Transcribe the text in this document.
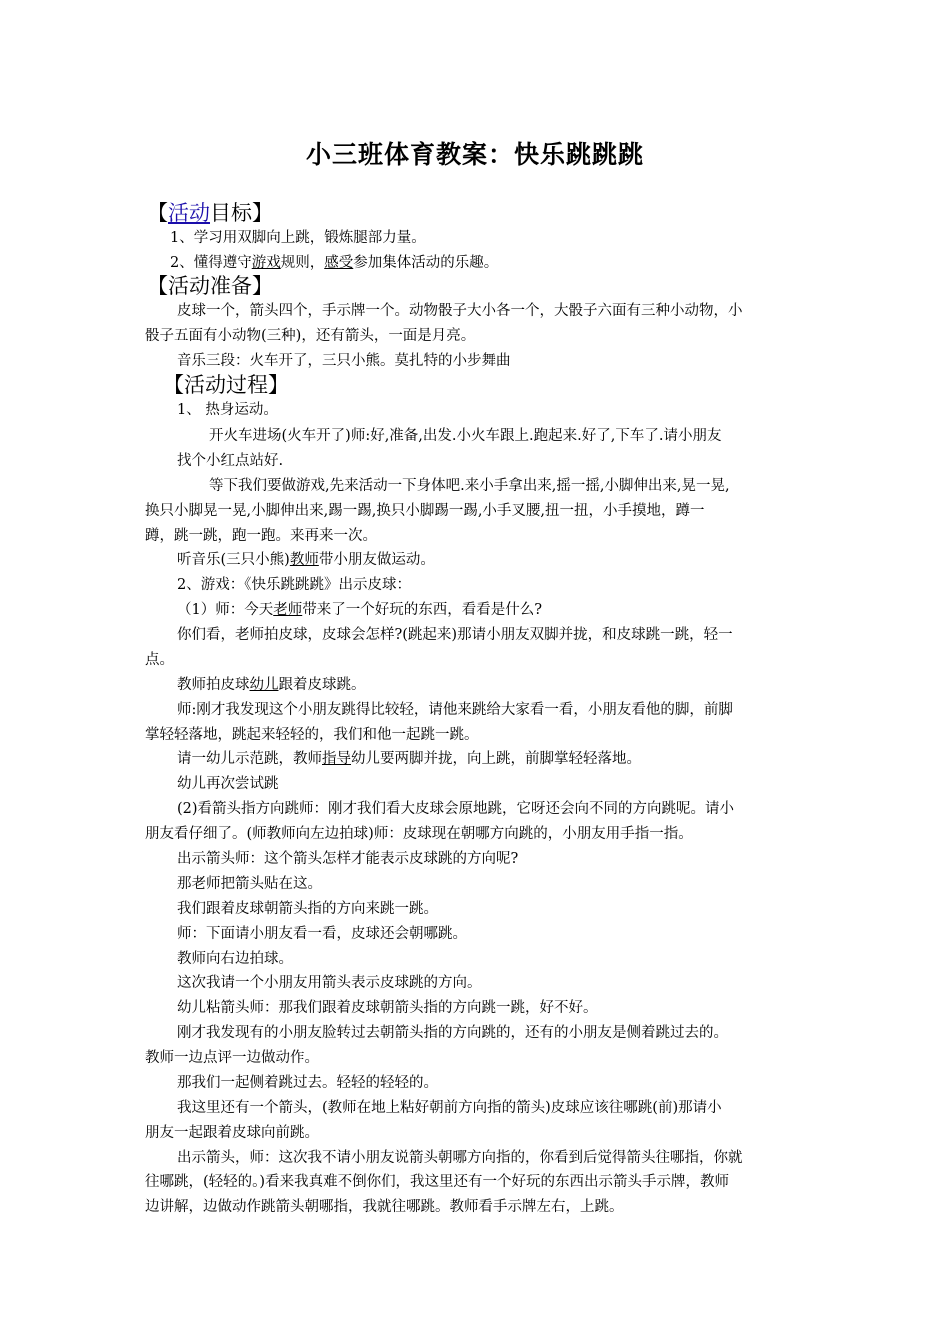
小三班体育教案：快乐跳跳跳
【活动目标】
1、学习用双脚向上跳，锻炼腿部力量。
2、懂得遵守游戏规则，感受参加集体活动的乐趣。
【活动准备】
皮球一个，箭头四个，手示牌一个。动物骰子大小各一个，大骰子六面有三种小动物，小
骰子五面有小动物(三种)，还有箭头，一面是月亮。
音乐三段：火车开了，三只小熊。莫扎特的小步舞曲
【活动过程】
1、 热身运动。
开火车进场(火车开了)师:好,准备,出发.小火车跟上.跑起来.好了,下车了.请小朋友
找个小红点站好.
等下我们要做游戏,先来活动一下身体吧.来小手拿出来,摇一摇,小脚伸出来,晃一晃,
换只小脚晃一晃,小脚伸出来,踢一踢,换只小脚踢一踢,小手叉腰,扭一扭，小手摸地，蹲一
蹲，跳一跳，跑一跑。来再来一次。
听音乐(三只小熊)教师带小朋友做运动。
2、游戏：《快乐跳跳跳》出示皮球：
（1）师：今天老师带来了一个好玩的东西，看看是什么?
你们看，老师拍皮球，皮球会怎样?(跳起来)那请小朋友双脚并拢，和皮球跳一跳，轻一
点。
教师拍皮球幼儿跟着皮球跳。
师:刚才我发现这个小朋友跳得比较轻，请他来跳给大家看一看，小朋友看他的脚，前脚
掌轻轻落地，跳起来轻轻的，我们和他一起跳一跳。
请一幼儿示范跳，教师指导幼儿要两脚并拢，向上跳，前脚掌轻轻落地。
幼儿再次尝试跳
(2)看箭头指方向跳师：刚才我们看大皮球会原地跳，它呀还会向不同的方向跳呢。请小
朋友看仔细了。(师教师向左边拍球)师：皮球现在朝哪方向跳的，小朋友用手指一指。
出示箭头师：这个箭头怎样才能表示皮球跳的方向呢?
那老师把箭头贴在这。
我们跟着皮球朝箭头指的方向来跳一跳。
师：下面请小朋友看一看，皮球还会朝哪跳。
教师向右边拍球。
这次我请一个小朋友用箭头表示皮球跳的方向。
幼儿粘箭头师：那我们跟着皮球朝箭头指的方向跳一跳，好不好。
刚才我发现有的小朋友脸转过去朝箭头指的方向跳的，还有的小朋友是侧着跳过去的。
教师一边点评一边做动作。
那我们一起侧着跳过去。轻轻的轻轻的。
我这里还有一个箭头，(教师在地上粘好朝前方向指的箭头)皮球应该往哪跳(前)那请小
朋友一起跟着皮球向前跳。
出示箭头，师：这次我不请小朋友说箭头朝哪方向指的，你看到后觉得箭头往哪指，你就
往哪跳，(轻轻的。)看来我真难不倒你们，我这里还有一个好玩的东西出示箭头手示牌，教师
边讲解，边做动作跳箭头朝哪指，我就往哪跳。教师看手示牌左右，上跳。
